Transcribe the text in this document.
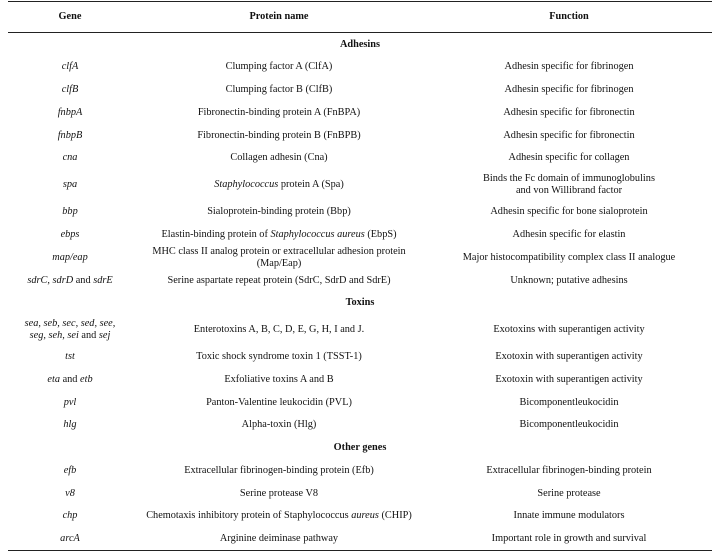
Gene	Protein name	Function
Adhesins		
clfA	Clumping factor A (ClfA)	Adhesin specific for fibrinogen
clfB	Clumping factor B (ClfB)	Adhesin specific for fibrinogen
fnbpA	Fibronectin-binding protein A (FnBPA)	Adhesin specific for fibronectin
fnbpB	Fibronectin-binding protein B (FnBPB)	Adhesin specific for fibronectin
cna	Collagen adhesin (Cna)	Adhesin specific for collagen
spa	Staphylococcus protein A (Spa)	Binds the Fc domain of immunoglobulins
and von Willibrand factor
bbp	Sialoprotein-binding protein (Bbp)	Adhesin specific for bone sialoprotein
ebps	Elastin-binding protein of Staphylococcus aureus (EbpS)	Adhesin specific for elastin
map/eap	MHC class II analog protein or extracellular adhesion protein (Map/Eap)	Major histocompatibility complex class II analogue
sdrC, sdrD and sdrE	Serine aspartate repeat protein (SdrC, SdrD and SdrE)	Unknown; putative adhesins
Toxins		
sea, seb, sec, sed, see,
seg, seh, sei and sej	Enterotoxins A, B, C, D, E, G, H, I and J.	Exotoxins with superantigen activity
tst	Toxic shock syndrome toxin 1 (TSST-1)	Exotoxin with superantigen activity
eta and etb	Exfoliative toxins A and B	Exotoxin with superantigen activity
pvl	Panton-Valentine leukocidin (PVL)	Bicomponentleukocidin
hlg	Alpha-toxin (Hlg)	Bicomponentleukocidin
Other genes		
efb	Extracellular fibrinogen-binding protein (Efb)	Extracellular fibrinogen-binding protein
v8	Serine protease V8	Serine protease
chp	Chemotaxis inhibitory protein of Staphylococcus aureus (CHIP)	Innate immune modulators
arcA	Arginine deiminase pathway	Important role in growth and survival
